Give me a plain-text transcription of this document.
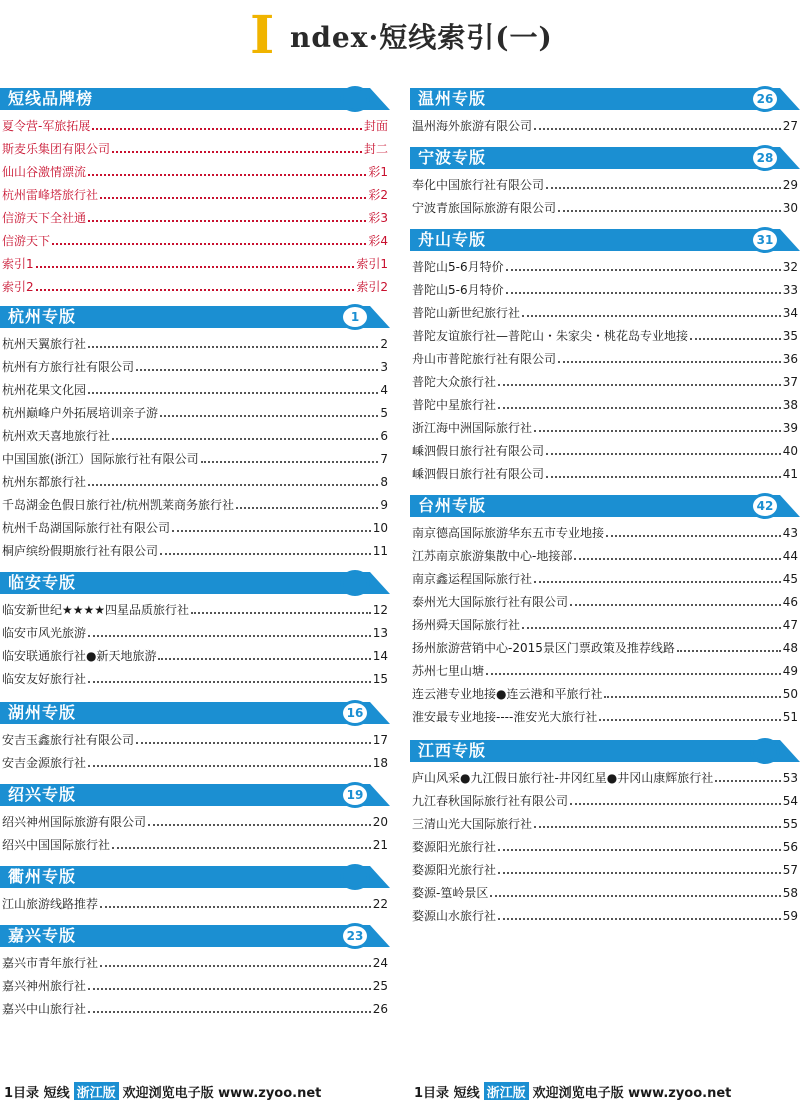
I ndex·短线索引(一)
短线品牌榜
夏令营-军旅拓展	封面
斯麦乐集团有限公司	封二
仙山谷激情漂流	彩1
杭州雷峰塔旅行社	彩2
信游天下全社通	彩3
信游天下	彩4
索引1	索引1
索引2	索引2
杭州专版	1
杭州天翼旅行社	2
杭州有方旅行社有限公司	3
杭州花果文化园	4
杭州巅峰户外拓展培训亲子游	5
杭州欢天喜地旅行社	6
中国国旅(浙江）国际旅行社有限公司	7
杭州东都旅行社	8
千岛湖金色假日旅行社/杭州凯莱商务旅行社	9
杭州千岛湖国际旅行社有限公司	10
桐庐缤纷假期旅行社有限公司	11
临安专版
临安新世纪★★★★四星品质旅行社	12
临安市风光旅游	13
临安联通旅行社●新天地旅游	14
临安友好旅行社	15
湖州专版	16
安吉玉鑫旅行社有限公司	17
安吉金源旅行社	18
绍兴专版	19
绍兴神州国际旅游有限公司	20
绍兴中国国际旅行社	21
衢州专版
江山旅游线路推荐	22
嘉兴专版	23
嘉兴市青年旅行社	24
嘉兴神州旅行社	25
嘉兴中山旅行社	26
温州专版	26
温州海外旅游有限公司	27
宁波专版	28
奉化中国旅行社有限公司	29
宁波青旅国际旅游有限公司	30
舟山专版	31
普陀山5-6月特价	32
普陀山5-6月特价	33
普陀山新世纪旅行社	34
普陀友谊旅行社—普陀山・朱家尖・桃花岛专业地接	35
舟山市普陀旅行社有限公司	36
普陀大众旅行社	37
普陀中星旅行社	38
浙江海中洲国际旅行社	39
嵊泗假日旅行社有限公司	40
嵊泗假日旅行社有限公司	41
台州专版	42
南京德高国际旅游华东五市专业地接	43
江苏南京旅游集散中心-地接部	44
南京鑫运程国际旅行社	45
泰州光大国际旅行社有限公司	46
扬州舜天国际旅行社	47
扬州旅游营销中心-2015景区门票政策及推荐线路	48
苏州七里山塘	49
连云港专业地接●连云港和平旅行社	50
淮安最专业地接----淮安光大旅行社	51
江西专版
庐山风采●九江假日旅行社-井冈红星●井冈山康辉旅行社	53
九江春秋国际旅行社有限公司	54
三清山光大国际旅行社	55
婺源阳光旅行社	56
婺源阳光旅行社	57
婺源-篁岭景区	58
婺源山水旅行社	59
1目录 短线 浙江版 欢迎浏览电子版 www.zyoo.net	1目录 短线 浙江版 欢迎浏览电子版 www.zyoo.net
